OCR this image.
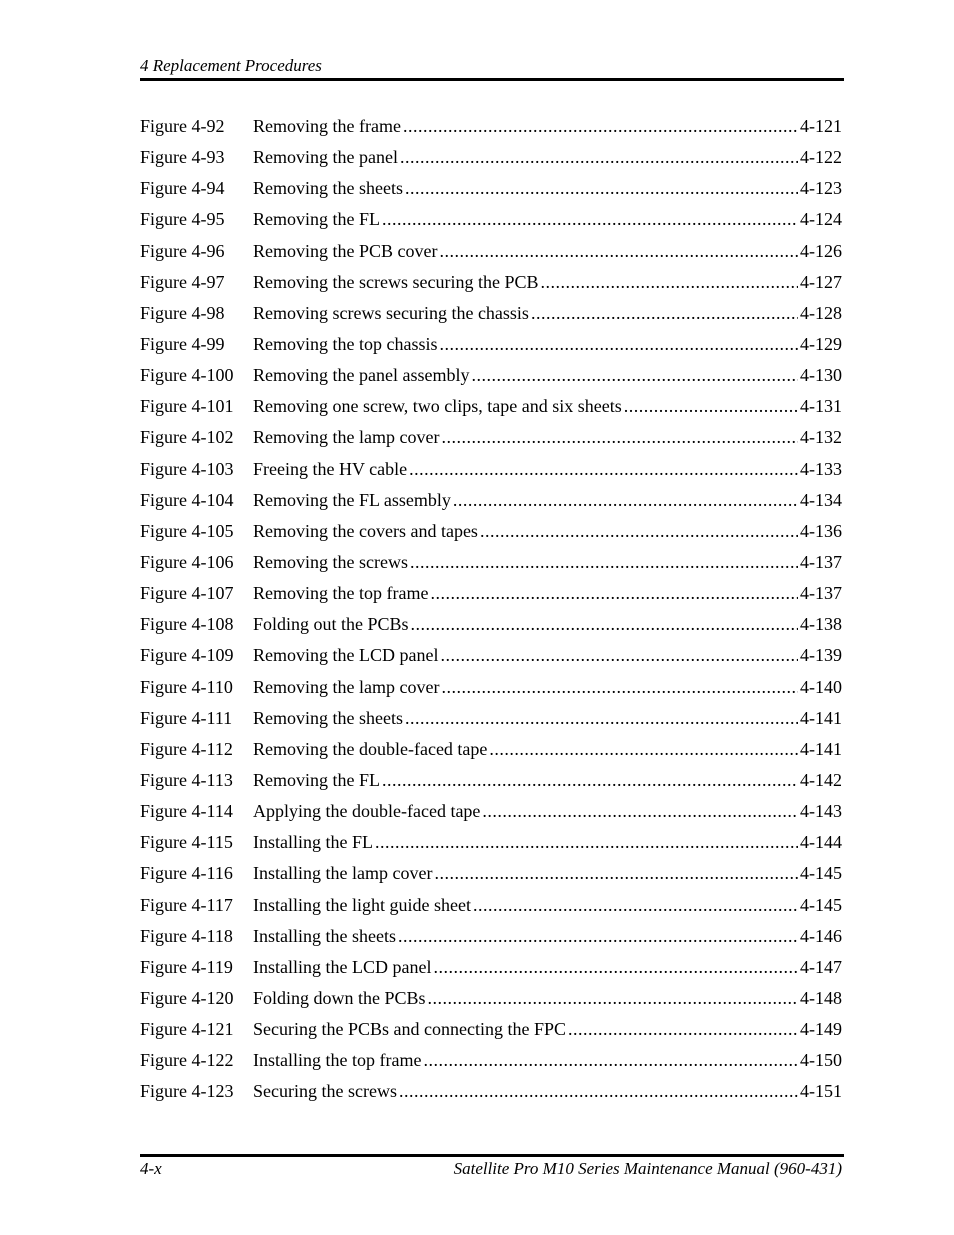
4 Replacement Procedures
Figure 4-92	Removing the frame .....	4-121
Figure 4-93	Removing the panel .....	4-122
Figure 4-94	Removing the sheets .....	4-123
Figure 4-95	Removing the FL .....	4-124
Figure 4-96	Removing the PCB cover .....	4-126
Figure 4-97	Removing the screws securing the PCB .....	4-127
Figure 4-98	Removing screws securing the chassis .....	4-128
Figure 4-99	Removing the top chassis .....	4-129
Figure 4-100	Removing the panel assembly .....	4-130
Figure 4-101	Removing one screw, two clips, tape and six sheets .....	4-131
Figure 4-102	Removing the lamp cover .....	4-132
Figure 4-103	Freeing the HV cable .....	4-133
Figure 4-104	Removing the FL assembly .....	4-134
Figure 4-105	Removing the covers and tapes .....	4-136
Figure 4-106	Removing the screws .....	4-137
Figure 4-107	Removing the top frame .....	4-137
Figure 4-108	Folding out the PCBs .....	4-138
Figure 4-109	Removing the LCD panel .....	4-139
Figure 4-110	Removing the lamp cover .....	4-140
Figure 4-111	Removing the sheets .....	4-141
Figure 4-112	Removing the double-faced tape .....	4-141
Figure 4-113	Removing the FL .....	4-142
Figure 4-114	Applying the double-faced tape .....	4-143
Figure 4-115	Installing the FL .....	4-144
Figure 4-116	Installing the lamp cover .....	4-145
Figure 4-117	Installing the light guide sheet .....	4-145
Figure 4-118	Installing the sheets .....	4-146
Figure 4-119	Installing the LCD panel .....	4-147
Figure 4-120	Folding down the PCBs .....	4-148
Figure 4-121	Securing the PCBs and connecting the FPC .....	4-149
Figure 4-122	Installing the top frame .....	4-150
Figure 4-123	Securing the screws .....	4-151
4-x	Satellite Pro M10 Series Maintenance Manual (960-431)
